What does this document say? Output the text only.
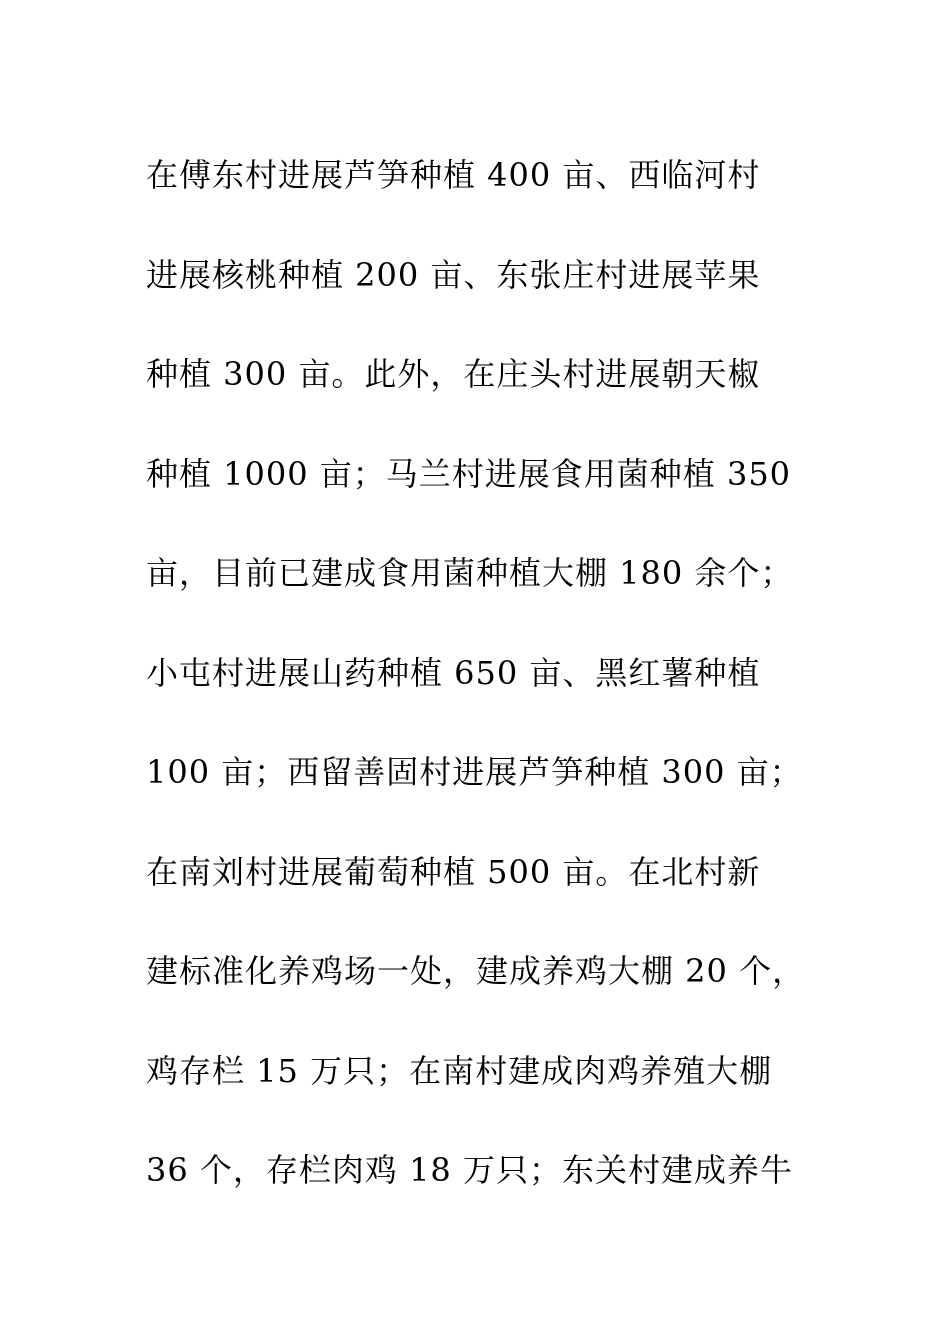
在傅东村进展芦笋种植 400 亩、西临河村
进展核桃种植 200 亩、东张庄村进展苹果
种植 300 亩。此外，在庄头村进展朝天椒
种植 1000 亩；马兰村进展食用菌种植 350
亩，目前已建成食用菌种植大棚 180 余个；
小屯村进展山药种植 650 亩、黑红薯种植
100 亩；西留善固村进展芦笋种植 300 亩；
在南刘村进展葡萄种植 500 亩。在北村新
建标准化养鸡场一处，建成养鸡大棚 20 个，
鸡存栏 15 万只；在南村建成肉鸡养殖大棚
36 个，存栏肉鸡 18 万只；东关村建成养牛
